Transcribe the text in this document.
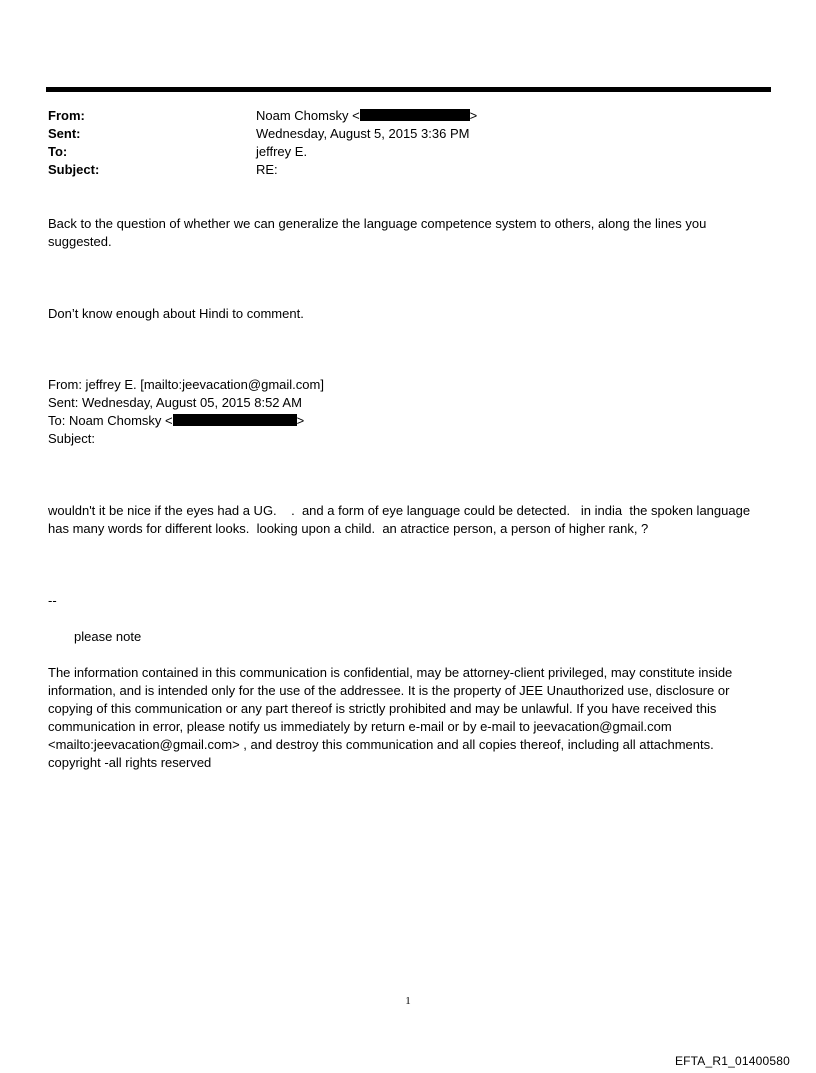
From:	Noam Chomsky <	>
Sent:	Wednesday, August 5, 2015 3:36 PM
To:	jeffrey E.
Subject:	RE:

Back to the question of whether we can generalize the language competence system to others, along the lines you suggested.

Don’t know enough about Hindi to comment.

From: jeffrey E. [mailto:jeevacation@gmail.com]
Sent: Wednesday, August 05, 2015 8:52 AM
To: Noam Chomsky <	>
Subject:

wouldn't it be nice if the eyes had a UG.    .  and a form of eye language could be detected.   in india  the spoken language has many words for different looks.  looking upon a child.  an atractice person, a person of higher rank, ?

--

please note

The information contained in this communication is confidential, may be attorney-client privileged, may constitute inside information, and is intended only for the use of the addressee. It is the property of JEE Unauthorized use, disclosure or copying of this communication or any part thereof is strictly prohibited and may be unlawful. If you have received this communication in error, please notify us immediately by return e-mail or by e-mail to jeevacation@gmail.com <mailto:jeevacation@gmail.com> , and destroy this communication and all copies thereof, including all attachments. copyright -all rights reserved

1
EFTA_R1_01400580
